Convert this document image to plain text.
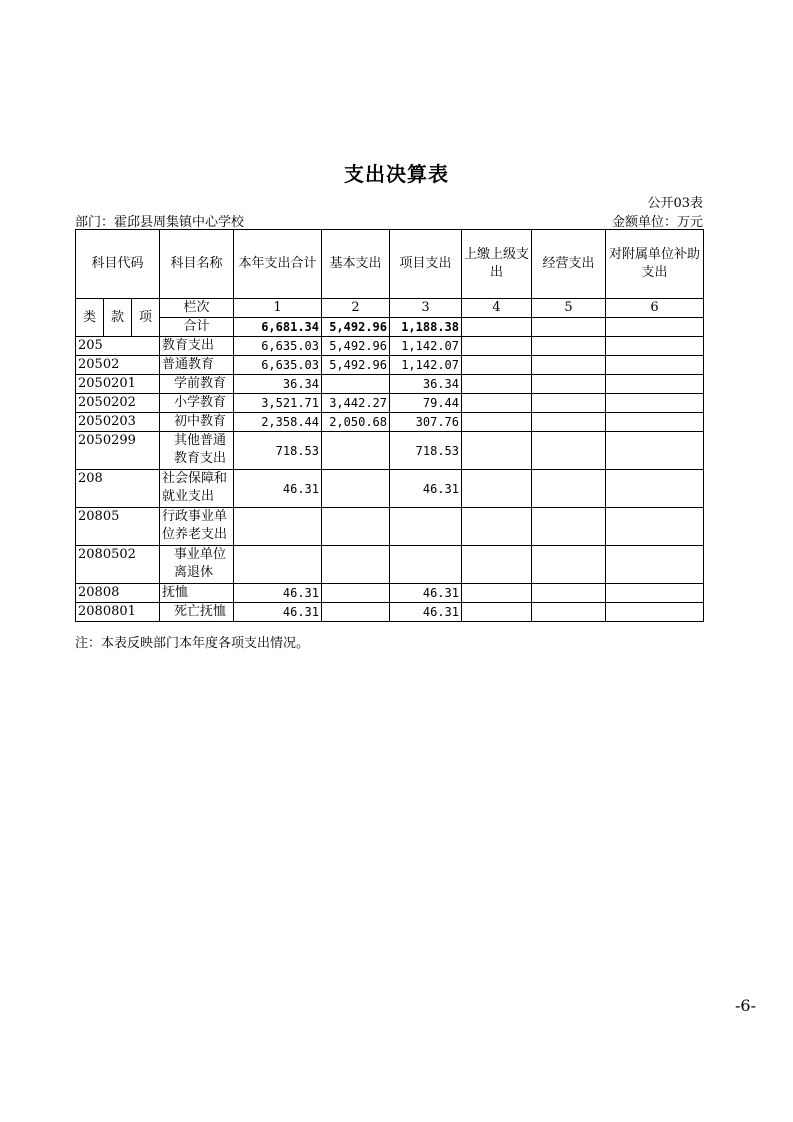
支出决算表
公开03表
部门：霍邱县周集镇中心学校	金额单位：万元
科目代码			科目名称	本年支出合计	基本支出	项目支出	上缴上级支出	经营支出	对附属单位补助支出
类	款	项	栏次	1	2	3	4	5	6
			合计	6,681.34	5,492.96	1,188.38			
205			教育支出	6,635.03	5,492.96	1,142.07			
20502			普通教育	6,635.03	5,492.96	1,142.07			
2050201			学前教育	36.34		36.34			
2050202			小学教育	3,521.71	3,442.27	79.44			
2050203			初中教育	2,358.44	2,050.68	307.76			
2050299			其他普通教育支出	718.53		718.53			
208			社会保障和就业支出	46.31		46.31			
20805			行政事业单位养老支出						
2080502			事业单位离退休						
20808			抚恤	46.31		46.31			
2080801			死亡抚恤	46.31		46.31			
注：本表反映部门本年度各项支出情况。
-6-
